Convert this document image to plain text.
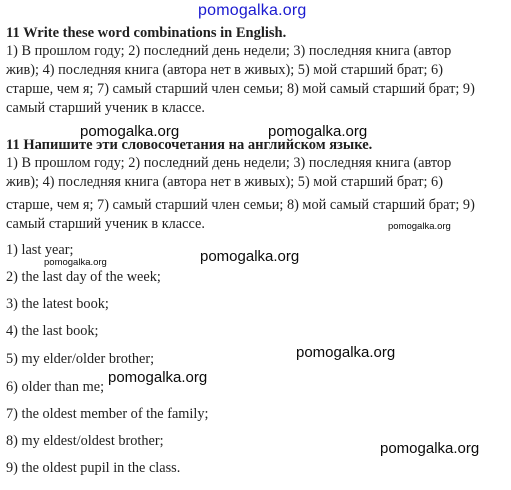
pomogalka.org
11 Write these word combinations in English.
1) В прошлом году; 2) последний день недели; 3) последняя книга (автор
жив); 4) последняя книга (автора нет в живых); 5) мой старший брат; 6)
старше, чем я; 7) самый старший член семьи; 8) мой самый старший брат; 9)
самый старший ученик в классе.
pomogalka.org	pomogalka.org
11 Напишите эти словосочетания на английском языке.
1) В прошлом году; 2) последний день недели; 3) последняя книга (автор
жив); 4) последняя книга (автора нет в живых); 5) мой старший брат; 6)
старше, чем я; 7) самый старший член семьи; 8) мой самый старший брат; 9)
самый старший ученик в классе.	pomogalka.org
1) last year;
pomogalka.org	pomogalka.org
2) the last day of the week;
3) the latest book;
4) the last book;
pomogalka.org
5) my elder/older brother;
pomogalka.org
6) older than me;
7) the oldest member of the family;
8) my eldest/oldest brother;	pomogalka.org
9) the oldest pupil in the class.
